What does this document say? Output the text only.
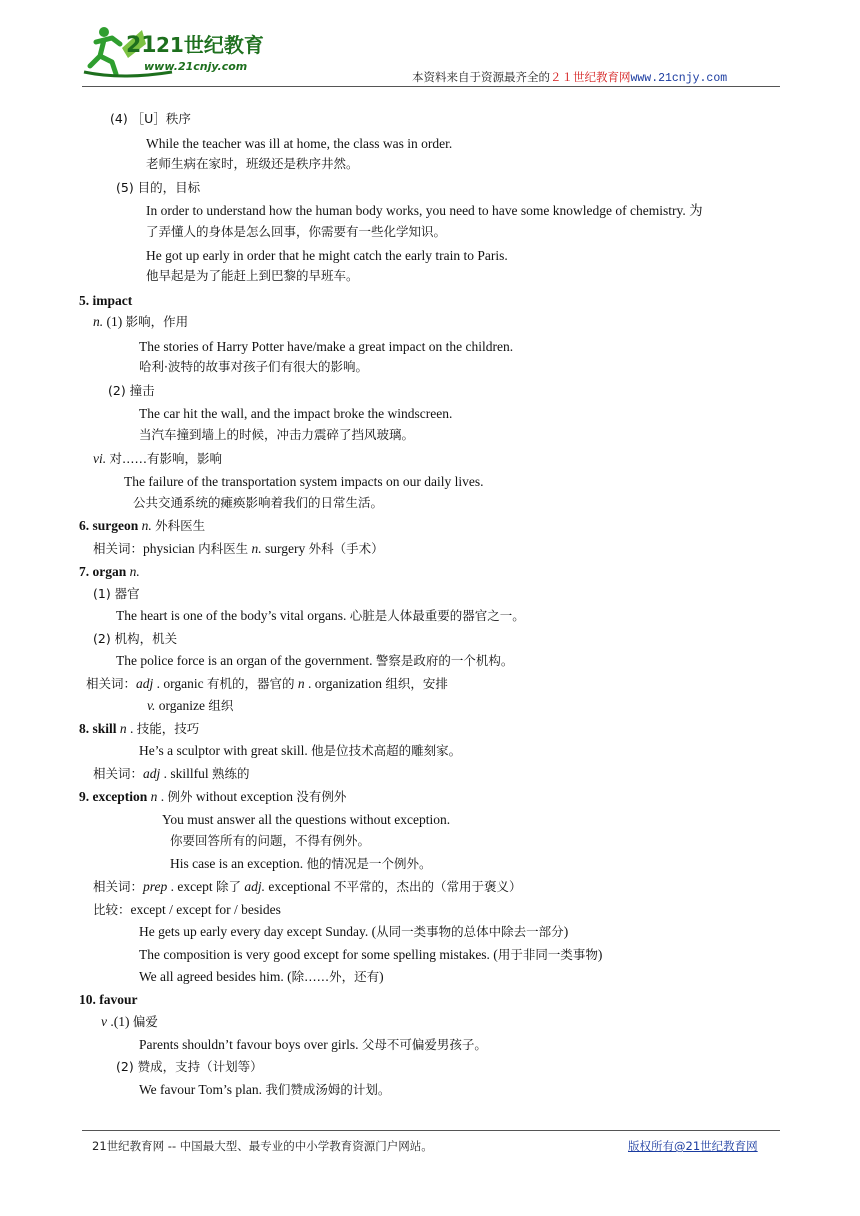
21 21世纪教育
www.21cnjy.com
本资料来自于资源最齐全的２１世纪教育网www.21cnjy.com
(4) ［U］秩序
While the teacher was ill at home, the class was in order.
老师生病在家时，班级还是秩序井然。
(5) 目的，目标
In order to understand how the human body works, you need to have some knowledge of chemistry. 为
了弄懂人的身体是怎么回事，你需要有一些化学知识。
He got up early in order that he might catch the early train to Paris.
他早起是为了能赶上到巴黎的早班车。
5. impact
n. (1) 影响，作用
The stories of Harry Potter have/make a great impact on the children.
哈利·波特的故事对孩子们有很大的影响。
(2) 撞击
The car hit the wall, and the impact broke the windscreen.
当汽车撞到墙上的时候，冲击力震碎了挡风玻璃。
vi. 对……有影响，影响
The failure of the transportation system impacts on our daily lives.
公共交通系统的瘫痪影响着我们的日常生活。
6. surgeon n. 外科医生
相关词：physician 内科医生 n. surgery 外科（手术）
7. organ n.
(1) 器官
The heart is one of the body’s vital organs. 心脏是人体最重要的器官之一。
(2) 机构，机关
The police force is an organ of the government. 警察是政府的一个机构。
相关词：adj . organic 有机的，器官的 n . organization 组织，安排
v. organize 组织
8. skill n . 技能，技巧
He’s a sculptor with great skill. 他是位技术高超的雕刻家。
相关词：adj . skillful 熟练的
9. exception n . 例外 without exception 没有例外
You must answer all the questions without exception.
你要回答所有的问题，不得有例外。
His case is an exception. 他的情况是一个例外。
相关词：prep . except 除了 adj. exceptional 不平常的，杰出的（常用于褒义）
比较：except / except for / besides
He gets up early every day except Sunday. (从同一类事物的总体中除去一部分)
The composition is very good except for some spelling mistakes. (用于非同一类事物)
We all agreed besides him. (除……外，还有)
10. favour
v .(1) 偏爱
Parents shouldn’t favour boys over girls. 父母不可偏爱男孩子。
(2) 赞成，支持（计划等）
We favour Tom’s plan. 我们赞成汤姆的计划。
21世纪教育网 -- 中国最大型、最专业的中小学教育资源门户网站。	版权所有@21世纪教育网
